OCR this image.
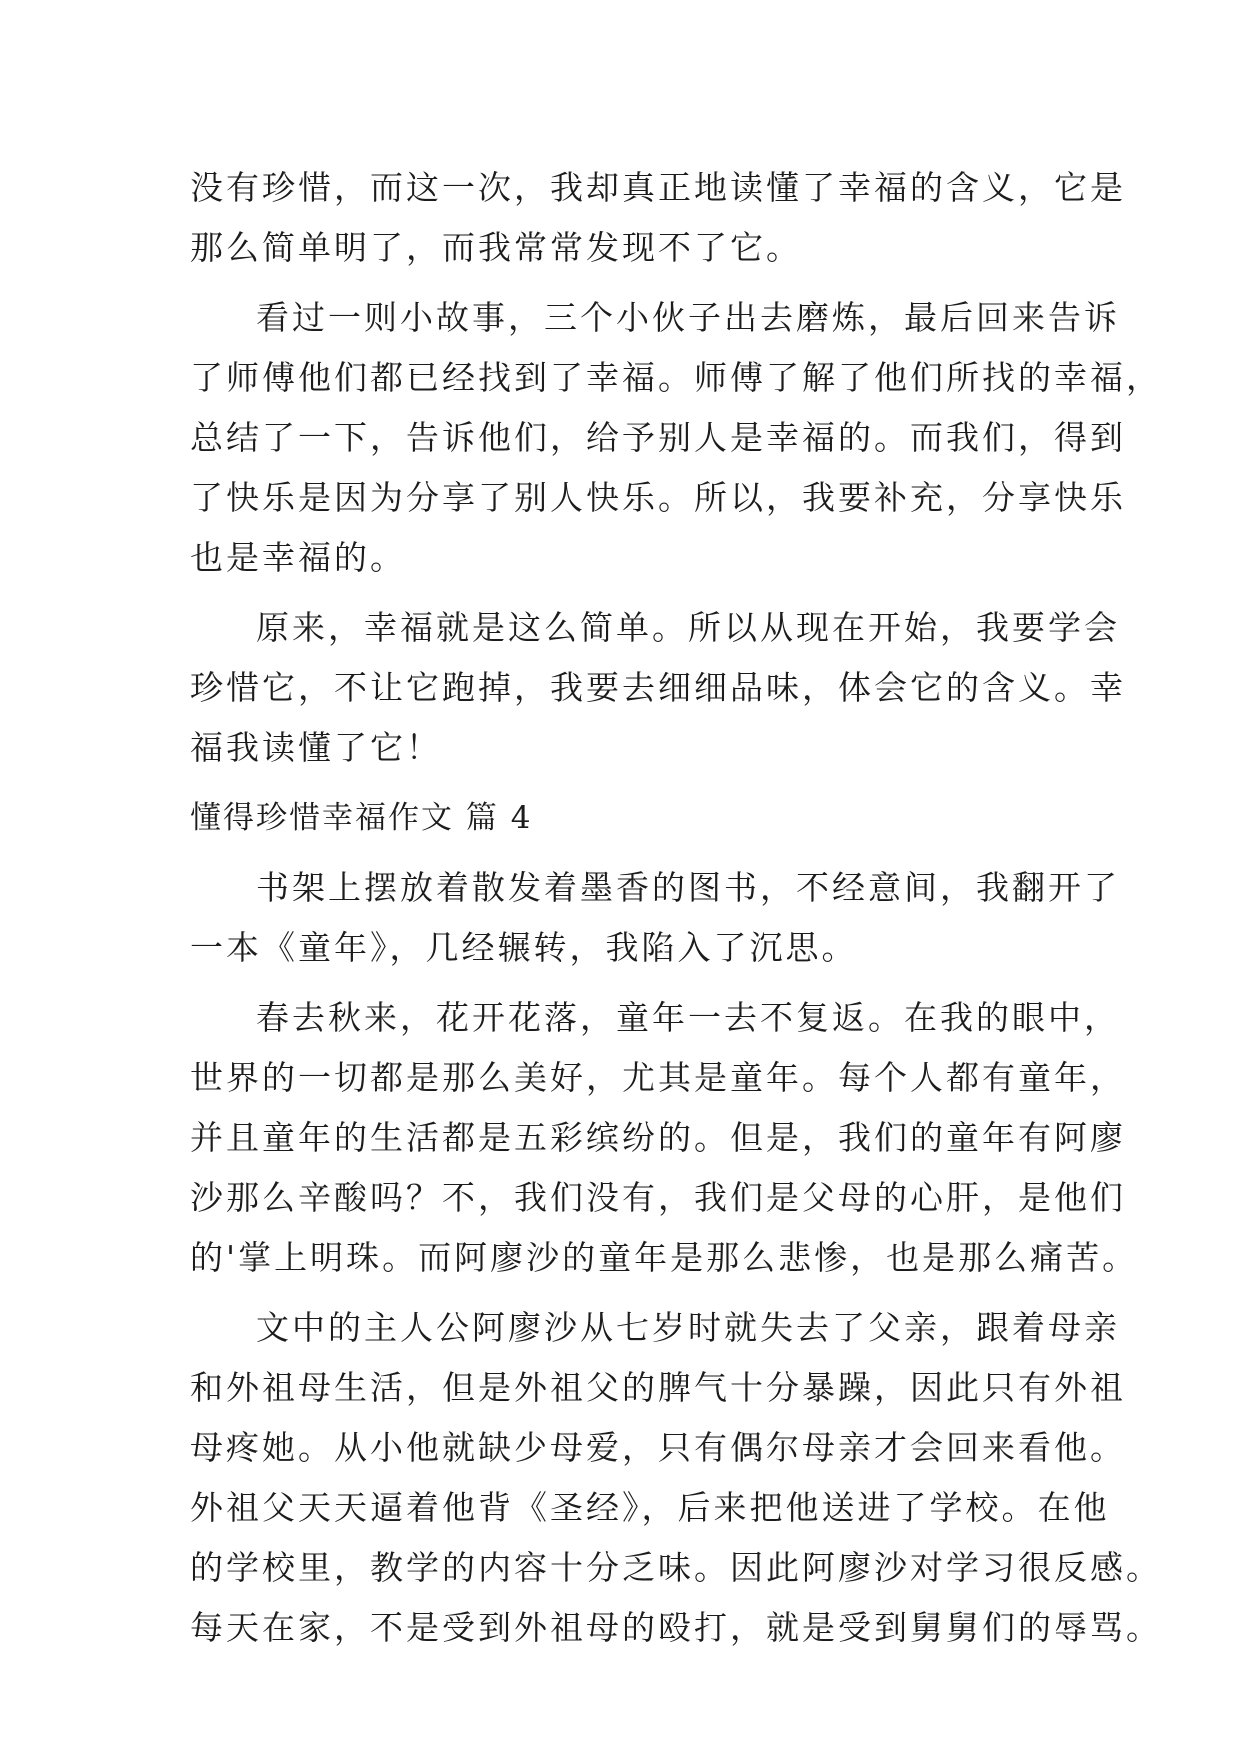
没有珍惜，而这一次，我却真正地读懂了幸福的含义，它是
那么简单明了，而我常常发现不了它。
看过一则小故事，三个小伙子出去磨炼，最后回来告诉
了师傅他们都已经找到了幸福。师傅了解了他们所找的幸福，
总结了一下，告诉他们，给予别人是幸福的。而我们，得到
了快乐是因为分享了别人快乐。所以，我要补充，分享快乐
也是幸福的。
原来，幸福就是这么简单。所以从现在开始，我要学会
珍惜它，不让它跑掉，我要去细细品味，体会它的含义。幸
福我读懂了它！
懂得珍惜幸福作文 篇 4
书架上摆放着散发着墨香的图书，不经意间，我翻开了
一本《童年》，几经辗转，我陷入了沉思。
春去秋来，花开花落，童年一去不复返。在我的眼中，
世界的一切都是那么美好，尤其是童年。每个人都有童年，
并且童年的生活都是五彩缤纷的。但是，我们的童年有阿廖
沙那么辛酸吗？不，我们没有，我们是父母的心肝，是他们
的'掌上明珠。而阿廖沙的童年是那么悲惨，也是那么痛苦。
文中的主人公阿廖沙从七岁时就失去了父亲，跟着母亲
和外祖母生活，但是外祖父的脾气十分暴躁，因此只有外祖
母疼她。从小他就缺少母爱，只有偶尔母亲才会回来看他。
外祖父天天逼着他背《圣经》，后来把他送进了学校。在他
的学校里，教学的内容十分乏味。因此阿廖沙对学习很反感。
每天在家，不是受到外祖母的殴打，就是受到舅舅们的辱骂。
